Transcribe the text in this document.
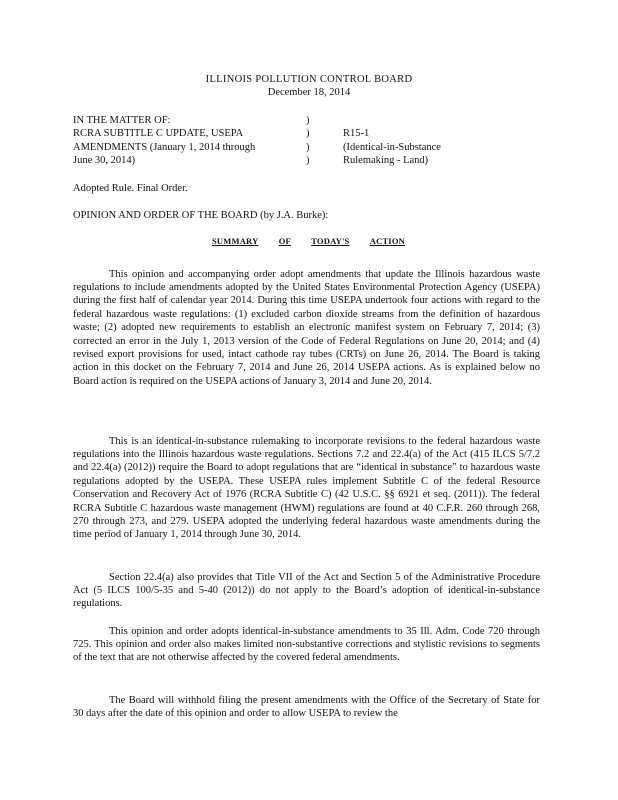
ILLINOIS POLLUTION CONTROL BOARD
December 18, 2014
IN THE MATTER OF:
RCRA SUBTITLE C UPDATE, USEPA
AMENDMENTS (January 1, 2014 through
June 30, 2014)
)
)
)
)
R15-1
(Identical-in-Substance
Rulemaking - Land)
Adopted Rule. Final Order.
OPINION AND ORDER OF THE BOARD (by J.A. Burke):
SUMMARY OF TODAY'S ACTION

This opinion and accompanying order adopt amendments that update the Illinois hazardous waste regulations to include amendments adopted by the United States Environmental Protection Agency (USEPA) during the first half of calendar year 2014. During this time USEPA undertook four actions with regard to the federal hazardous waste regulations: (1) excluded carbon dioxide streams from the definition of hazardous waste; (2) adopted new requirements to establish an electronic manifest system on February 7, 2014; (3) corrected an error in the July 1, 2013 version of the Code of Federal Regulations on June 20, 2014; and (4) revised export provisions for used, intact cathode ray tubes (CRTs) on June 26, 2014. The Board is taking action in this docket on the February 7, 2014 and June 26, 2014 USEPA actions. As is explained below no Board action is required on the USEPA actions of January 3, 2014 and June 20, 2014.

This is an identical-in-substance rulemaking to incorporate revisions to the federal hazardous waste regulations into the Illinois hazardous waste regulations. Sections 7.2 and 22.4(a) of the Act (415 ILCS 5/7.2 and 22.4(a) (2012)) require the Board to adopt regulations that are “identical in substance” to hazardous waste regulations adopted by the USEPA. These USEPA rules implement Subtitle C of the federal Resource Conservation and Recovery Act of 1976 (RCRA Subtitle C) (42 U.S.C. §§ 6921 et seq. (2011)). The federal RCRA Subtitle C hazardous waste management (HWM) regulations are found at 40 C.F.R. 260 through 268, 270 through 273, and 279. USEPA adopted the underlying federal hazardous waste amendments during the time period of January 1, 2014 through June 30, 2014.

Section 22.4(a) also provides that Title VII of the Act and Section 5 of the Administrative Procedure Act (5 ILCS 100/5-35 and 5-40 (2012)) do not apply to the Board’s adoption of identical-in-substance regulations.

This opinion and order adopts identical-in-substance amendments to 35 Ill. Adm. Code 720 through 725. This opinion and order also makes limited non-substantive corrections and stylistic revisions to segments of the text that are not otherwise affected by the covered federal amendments.

The Board will withhold filing the present amendments with the Office of the Secretary of State for 30 days after the date of this opinion and order to allow USEPA to review the
